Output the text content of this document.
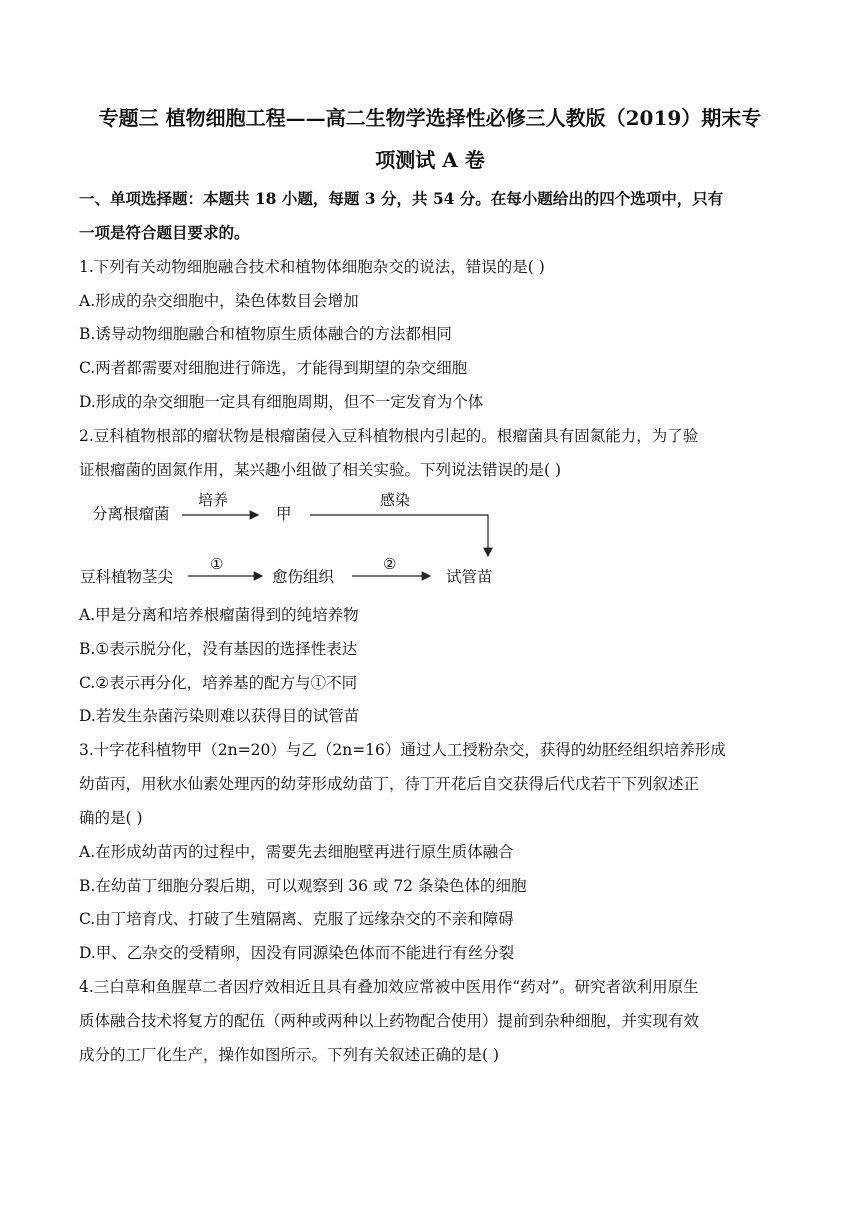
专题三 植物细胞工程——高二生物学选择性必修三人教版（2019）期末专
项测试 A 卷
一、单项选择题：本题共 18 小题，每题 3 分，共 54 分。在每小题给出的四个选项中，只有
一项是符合题目要求的。
1.下列有关动物细胞融合技术和植物体细胞杂交的说法，错误的是( )
A.形成的杂交细胞中，染色体数目会增加
B.诱导动物细胞融合和植物原生质体融合的方法都相同
C.两者都需要对细胞进行筛选，才能得到期望的杂交细胞
D.形成的杂交细胞一定具有细胞周期，但不一定发育为个体
2.豆科植物根部的瘤状物是根瘤菌侵入豆科植物根内引起的。根瘤菌具有固氮能力，为了验
证根瘤菌的固氮作用，某兴趣小组做了相关实验。下列说法错误的是( )
分离根瘤菌
培养
甲
感染
豆科植物茎尖
①
愈伤组织
②
试管苗
A.甲是分离和培养根瘤菌得到的纯培养物
B.①表示脱分化，没有基因的选择性表达
C.②表示再分化，培养基的配方与①不同
D.若发生杂菌污染则难以获得目的试管苗
3.十字花科植物甲（2n=20）与乙（2n=16）通过人工授粉杂交，获得的幼胚经组织培养形成
幼苗丙，用秋水仙素处理丙的幼芽形成幼苗丁，待丁开花后自交获得后代戊若干下列叙述正
确的是( )
A.在形成幼苗丙的过程中，需要先去细胞壁再进行原生质体融合
B.在幼苗丁细胞分裂后期，可以观察到 36 或 72 条染色体的细胞
C.由丁培育戊、打破了生殖隔离、克服了远缘杂交的不亲和障碍
D.甲、乙杂交的受精卵，因没有同源染色体而不能进行有丝分裂
4.三白草和鱼腥草二者因疗效相近且具有叠加效应常被中医用作“药对”。研究者欲利用原生
质体融合技术将复方的配伍（两种或两种以上药物配合使用）提前到杂种细胞，并实现有效
成分的工厂化生产，操作如图所示。下列有关叙述正确的是( )
